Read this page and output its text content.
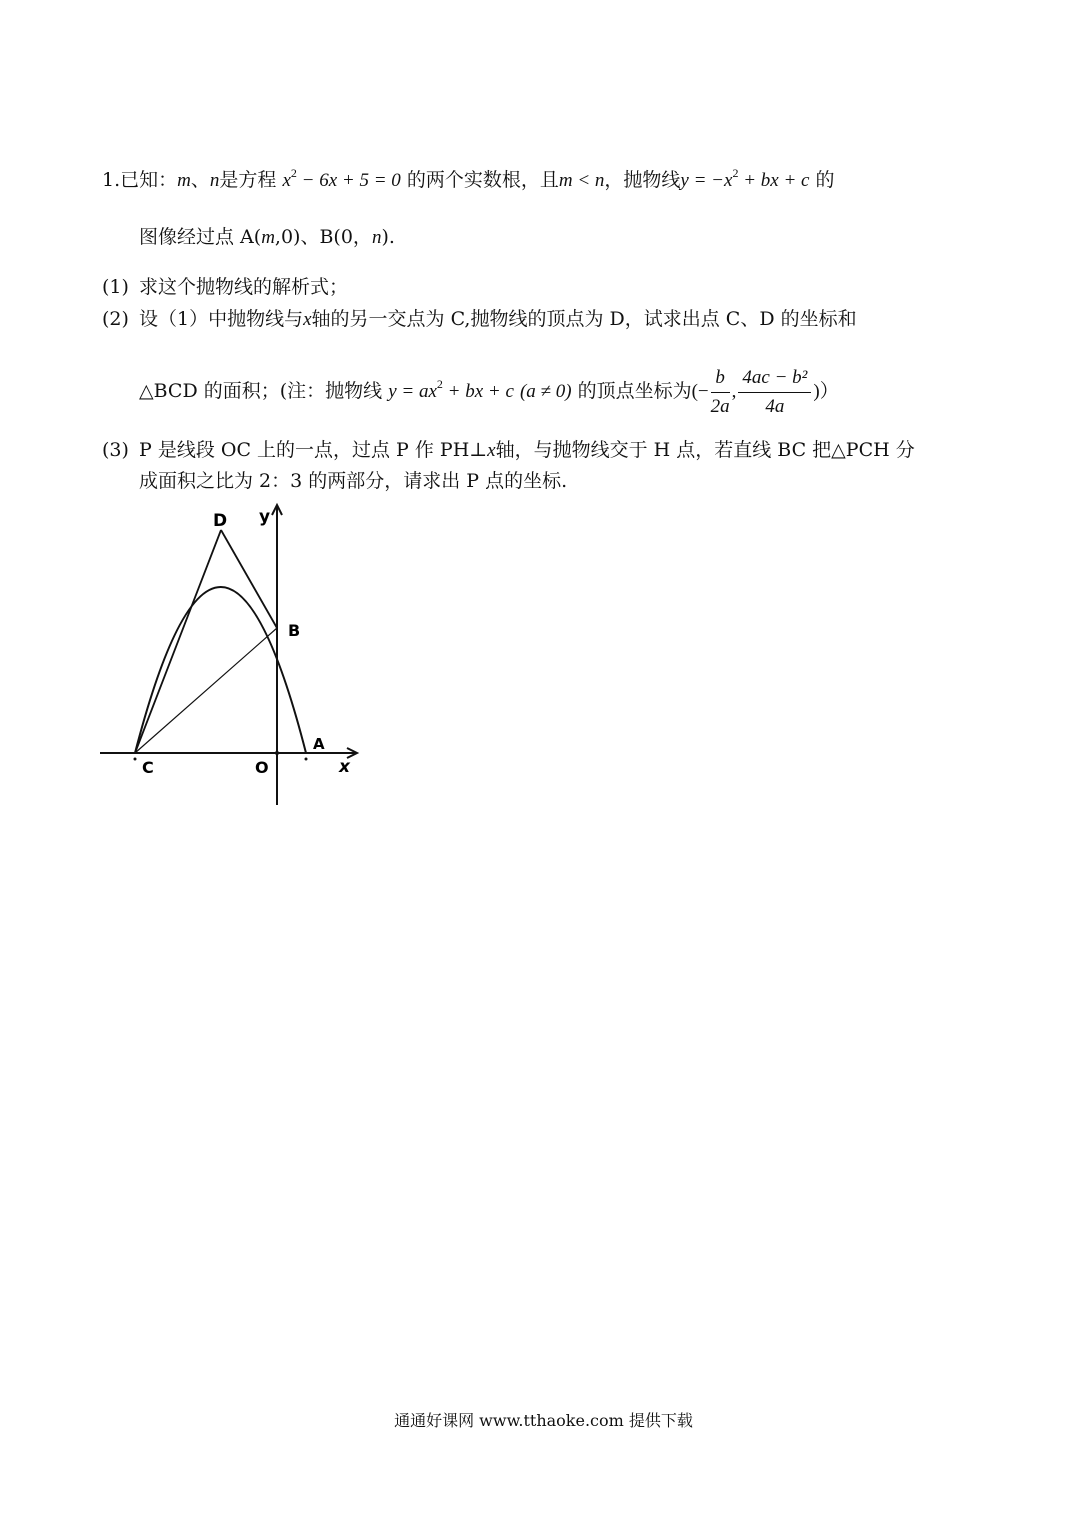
1.已知：m、n是方程 $x^2 - 6x + 5 = 0$ 的两个实数根，且m < n，抛物线$y = -x^2$ + bx + c 的
图像经过点 A(m,0)、B(0，n).
(1) 求这个抛物线的解析式；
(2) 设（1）中抛物线与x轴的另一交点为 C,抛物线的顶点为 D，试求出点 C、D 的坐标和
△BCD 的面积；(注：抛物线 $y = ax^2$ + bx + c (a ≠ 0) 的顶点坐标为(− $\frac{b}{2a}$ , $\frac{\text{4ac − b²}}{4a}$ )）
(3) P 是线段 OC 上的一点，过点 P 作 PH⊥x轴，与抛物线交于 H 点，若直线 BC 把△PCH 分
成面积之比为 2：3 的两部分，请求出 P 点的坐标.
D y
B
A
C	O	x
通通好课网 www.tthaoke.com 提供下载
